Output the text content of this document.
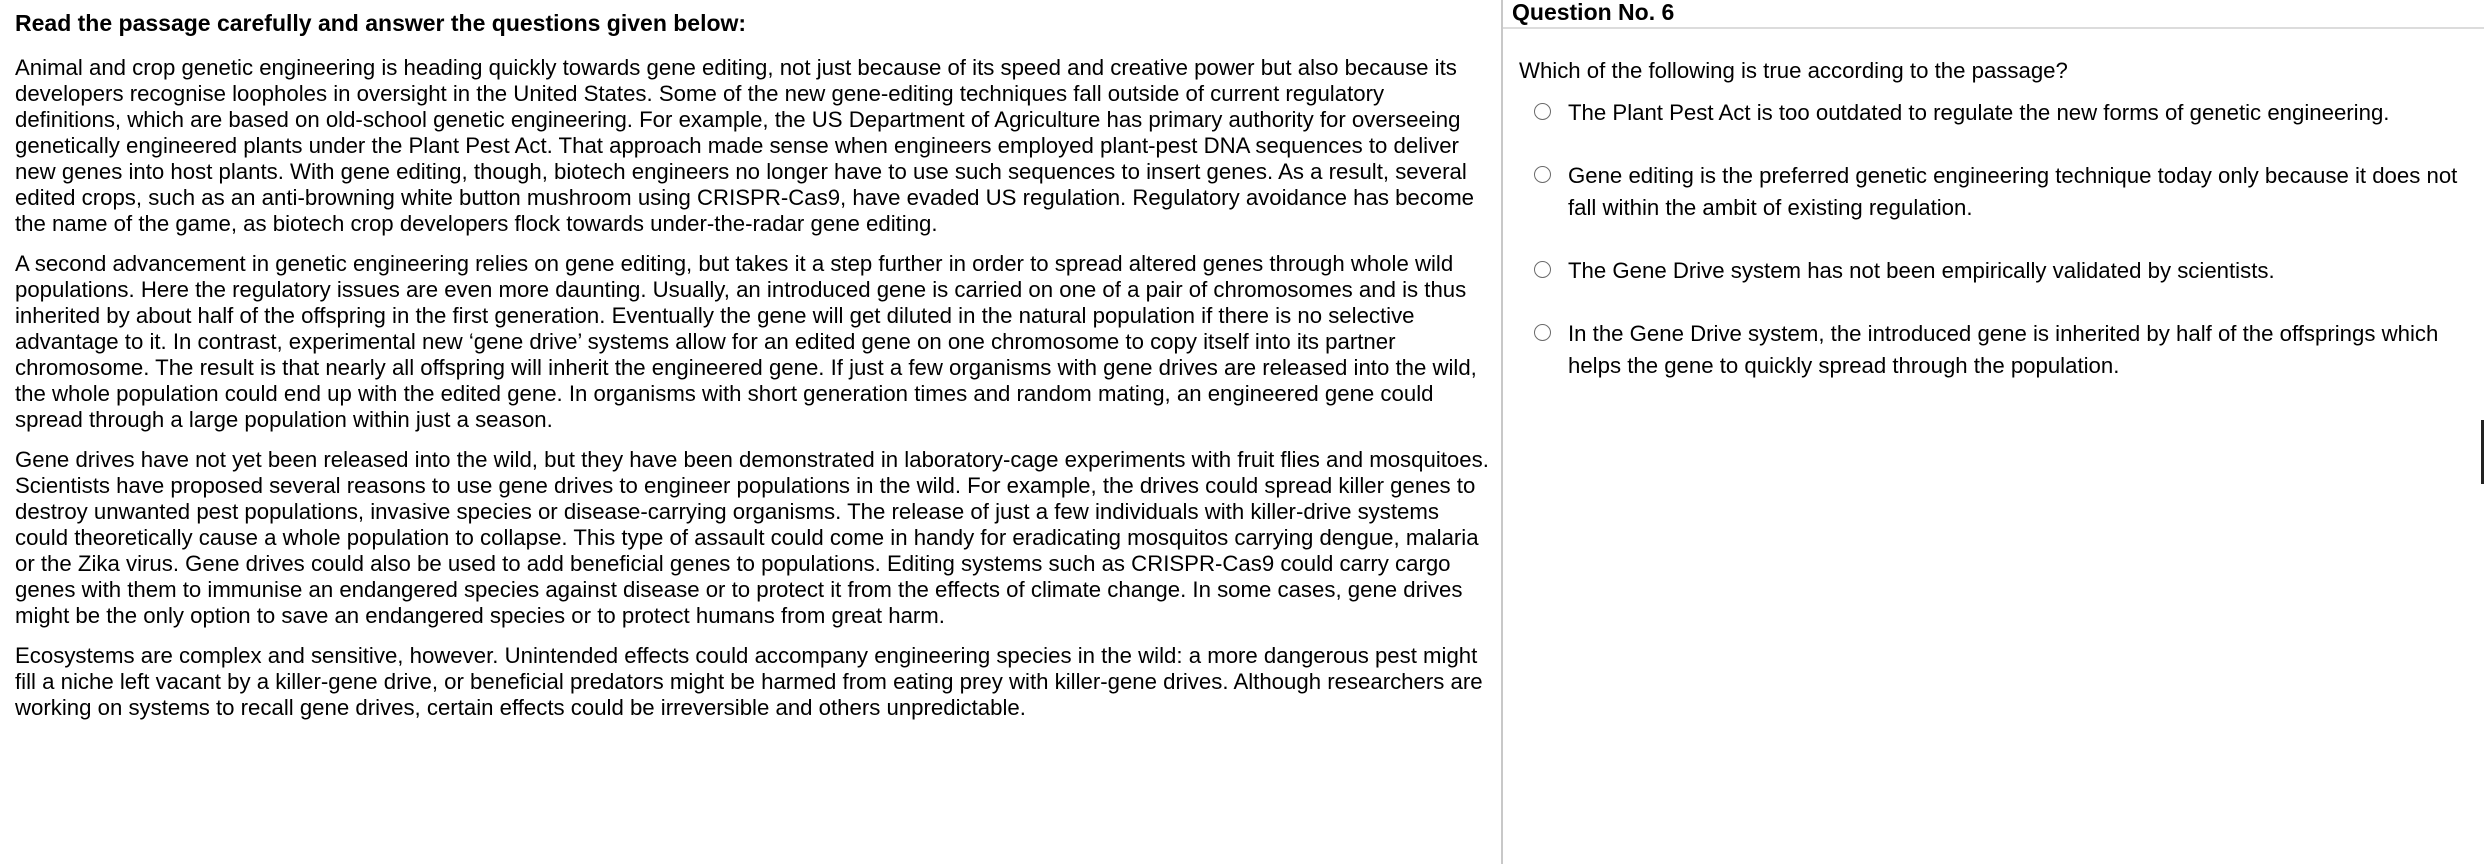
Read the passage carefully and answer the questions given below:

Animal and crop genetic engineering is heading quickly towards gene editing, not just because of its speed and creative power but also because its developers recognise loopholes in oversight in the United States. Some of the new gene-editing techniques fall outside of current regulatory definitions, which are based on old-school genetic engineering. For example, the US Department of Agriculture has primary authority for overseeing genetically engineered plants under the Plant Pest Act. That approach made sense when engineers employed plant-pest DNA sequences to deliver new genes into host plants. With gene editing, though, biotech engineers no longer have to use such sequences to insert genes. As a result, several edited crops, such as an anti-browning white button mushroom using CRISPR-Cas9, have evaded US regulation. Regulatory avoidance has become the name of the game, as biotech crop developers flock towards under-the-radar gene editing.

A second advancement in genetic engineering relies on gene editing, but takes it a step further in order to spread altered genes through whole wild populations. Here the regulatory issues are even more daunting. Usually, an introduced gene is carried on one of a pair of chromosomes and is thus inherited by about half of the offspring in the first generation. Eventually the gene will get diluted in the natural population if there is no selective advantage to it. In contrast, experimental new ‘gene drive’ systems allow for an edited gene on one chromosome to copy itself into its partner chromosome. The result is that nearly all offspring will inherit the engineered gene. If just a few organisms with gene drives are released into the wild, the whole population could end up with the edited gene. In organisms with short generation times and random mating, an engineered gene could spread through a large population within just a season.

Gene drives have not yet been released into the wild, but they have been demonstrated in laboratory-cage experiments with fruit flies and mosquitoes. Scientists have proposed several reasons to use gene drives to engineer populations in the wild. For example, the drives could spread killer genes to destroy unwanted pest populations, invasive species or disease-carrying organisms. The release of just a few individuals with killer-drive systems could theoretically cause a whole population to collapse. This type of assault could come in handy for eradicating mosquitos carrying dengue, malaria or the Zika virus. Gene drives could also be used to add beneficial genes to populations. Editing systems such as CRISPR-Cas9 could carry cargo genes with them to immunise an endangered species against disease or to protect it from the effects of climate change. In some cases, gene drives might be the only option to save an endangered species or to protect humans from great harm.

Ecosystems are complex and sensitive, however. Unintended effects could accompany engineering species in the wild: a more dangerous pest might fill a niche left vacant by a killer-gene drive, or beneficial predators might be harmed from eating prey with killer-gene drives. Although researchers are working on systems to recall gene drives, certain effects could be irreversible and others unpredictable.

Question No. 6
Which of the following is true according to the passage?
The Plant Pest Act is too outdated to regulate the new forms of genetic engineering.
Gene editing is the preferred genetic engineering technique today only because it does not fall within the ambit of existing regulation.
The Gene Drive system has not been empirically validated by scientists.
In the Gene Drive system, the introduced gene is inherited by half of the offsprings which helps the gene to quickly spread through the population.
